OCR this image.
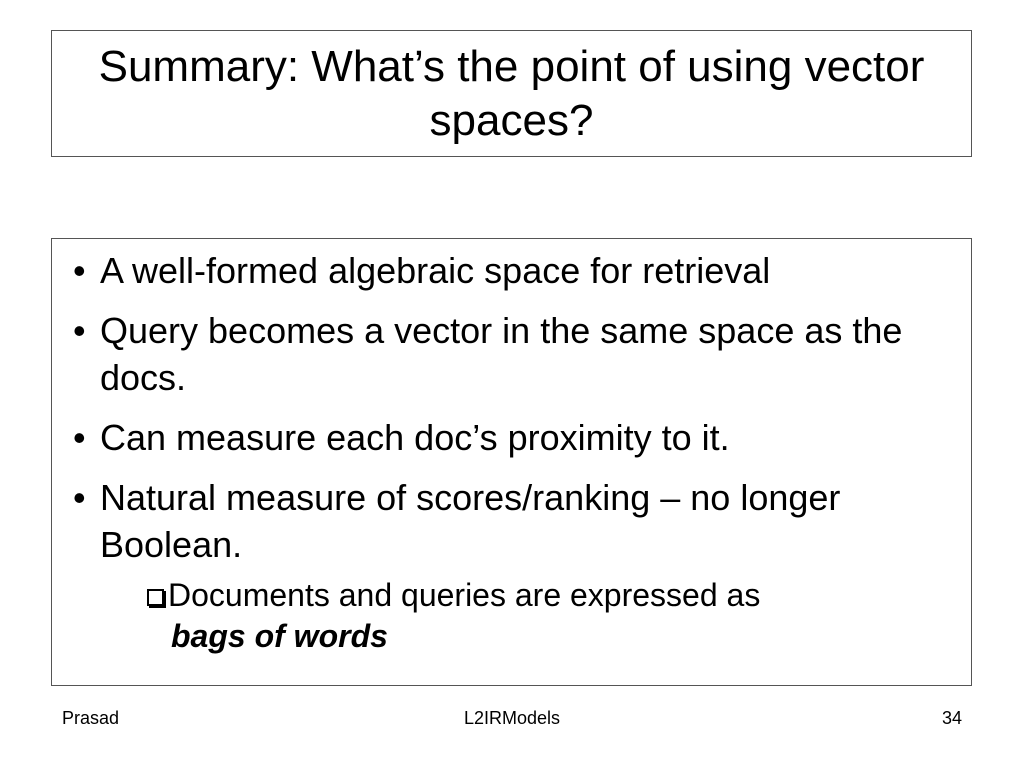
Summary: What’s the point of using vector spaces?
• A well-formed algebraic space for retrieval
• Query becomes a vector in the same space as the docs.
• Can measure each doc’s proximity to it.
• Natural measure of scores/ranking – no longer Boolean.
Documents and queries are expressed as
bags of words
L2IRModels
Prasad	34
